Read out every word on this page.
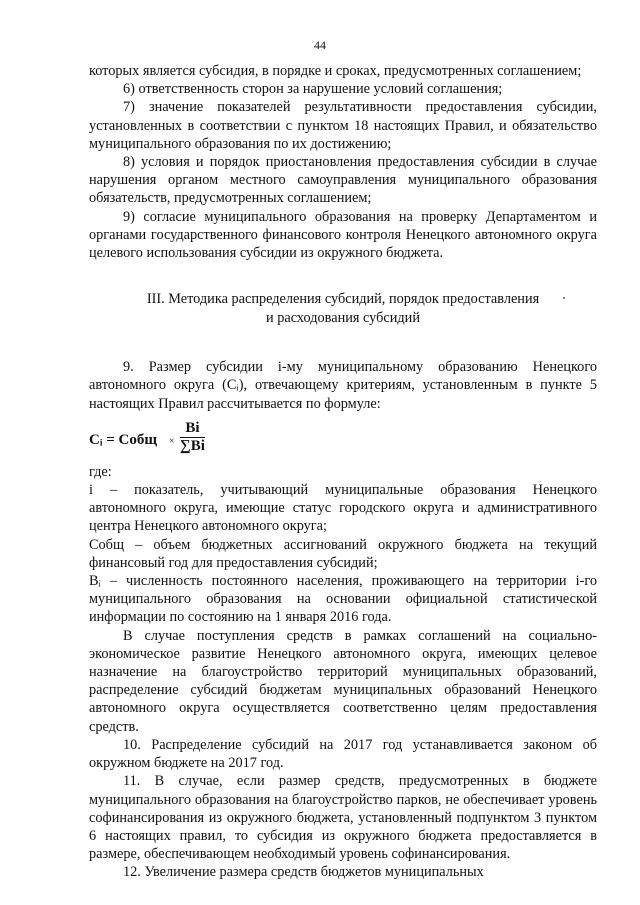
44

которых является субсидия, в порядке и сроках, предусмотренных соглашением;

6) ответственность сторон за нарушение условий соглашения;

7) значение показателей результативности предоставления субсидии, установленных в соответствии с пунктом 18 настоящих Правил, и обязательство муниципального образования по их достижению;

8) условия и порядок приостановления предоставления субсидии в случае нарушения органом местного самоуправления муниципального образования обязательств, предусмотренных соглашением;

9) согласие муниципального образования на проверку Департаментом и органами государственного финансового контроля Ненецкого автономного округа целевого использования субсидии из окружного бюджета.

III. Методика распределения субсидий, порядок предоставления
и расходования субсидий

9. Размер субсидии i-му муниципальному образованию Ненецкого автономного округа (Cᵢ), отвечающему критериям, установленным в пункте 5 настоящих Правил рассчитывается по формуле:

Cᵢ = Cобщ ×
Bi
∑Bi

где:

i – показатель, учитывающий муниципальные образования Ненецкого автономного округа, имеющие статус городского округа и административного центра Ненецкого автономного округа;

Cобщ – объем бюджетных ассигнований окружного бюджета на текущий финансовый год для предоставления субсидий;

Bᵢ – численность постоянного населения, проживающего на территории i-го муниципального образования на основании официальной статистической информации по состоянию на 1 января 2016 года.

В случае поступления средств в рамках соглашений на социально-экономическое развитие Ненецкого автономного округа, имеющих целевое назначение на благоустройство территорий муниципальных образований, распределение субсидий бюджетам муниципальных образований Ненецкого автономного округа осуществляется соответственно целям предоставления средств.

10. Распределение субсидий на 2017 год устанавливается законом об окружном бюджете на 2017 год.

11. В случае, если размер средств, предусмотренных в бюджете муниципального образования на благоустройство парков, не обеспечивает уровень софинансирования из окружного бюджета, установленный подпунктом 3 пунктом 6 настоящих правил, то субсидия из окружного бюджета предоставляется в размере, обеспечивающем необходимый уровень софинансирования.

12. Увеличение размера средств бюджетов муниципальных
